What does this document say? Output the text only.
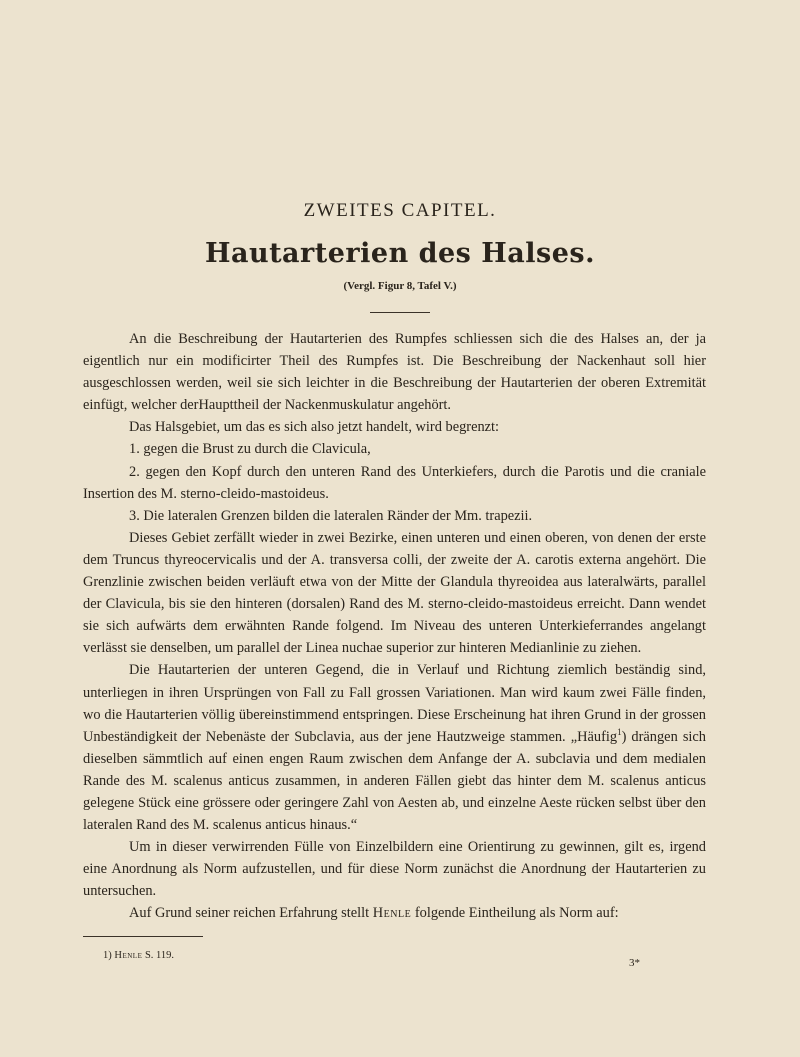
ZWEITES CAPITEL.
Hautarterien des Halses.
(Vergl. Figur 8, Tafel V.)

An die Beschreibung der Hautarterien des Rumpfes schliessen sich die des Halses an, der ja eigentlich nur ein modificirter Theil des Rumpfes ist. Die Beschreibung der Nackenhaut soll hier ausgeschlossen werden, weil sie sich leichter in die Beschreibung der Hautarterien der oberen Extremität einfügt, welcher derHaupttheil der Nackenmuskulatur angehört.

Das Halsgebiet, um das es sich also jetzt handelt, wird begrenzt:

1. gegen die Brust zu durch die Clavicula,

2. gegen den Kopf durch den unteren Rand des Unterkiefers, durch die Parotis und die craniale Insertion des M. sterno-cleido-mastoideus.

3. Die lateralen Grenzen bilden die lateralen Ränder der Mm. trapezii.

Dieses Gebiet zerfällt wieder in zwei Bezirke, einen unteren und einen oberen, von denen der erste dem Truncus thyreocervicalis und der A. transversa colli, der zweite der A. carotis externa angehört. Die Grenzlinie zwischen beiden verläuft etwa von der Mitte der Glandula thyreoidea aus lateralwärts, parallel der Clavicula, bis sie den hinteren (dorsalen) Rand des M. sterno-cleido-mastoideus erreicht. Dann wendet sie sich aufwärts dem erwähnten Rande folgend. Im Niveau des unteren Unterkieferrandes angelangt verlässt sie denselben, um parallel der Linea nuchae superior zur hinteren Medianlinie zu ziehen.

Die Hautarterien der unteren Gegend, die in Verlauf und Richtung ziemlich beständig sind, unterliegen in ihren Ursprüngen von Fall zu Fall grossen Variationen. Man wird kaum zwei Fälle finden, wo die Hautarterien völlig übereinstimmend entspringen. Diese Erscheinung hat ihren Grund in der grossen Unbeständigkeit der Nebenäste der Subclavia, aus der jene Hautzweige stammen. „Häufig$^1$) drängen sich dieselben sämmtlich auf einen engen Raum zwischen dem Anfange der A. subclavia und dem medialen Rande des M. scalenus anticus zusammen, in anderen Fällen giebt das hinter dem M. scalenus anticus gelegene Stück eine grössere oder geringere Zahl von Aesten ab, und einzelne Aeste rücken selbst über den lateralen Rand des M. scalenus anticus hinaus.“

Um in dieser verwirrenden Fülle von Einzelbildern eine Orientirung zu gewinnen, gilt es, irgend eine Anordnung als Norm aufzustellen, und für diese Norm zunächst die Anordnung der Hautarterien zu untersuchen.

Auf Grund seiner reichen Erfahrung stellt Henle folgende Eintheilung als Norm auf:

1) Henle S. 119.
3*
